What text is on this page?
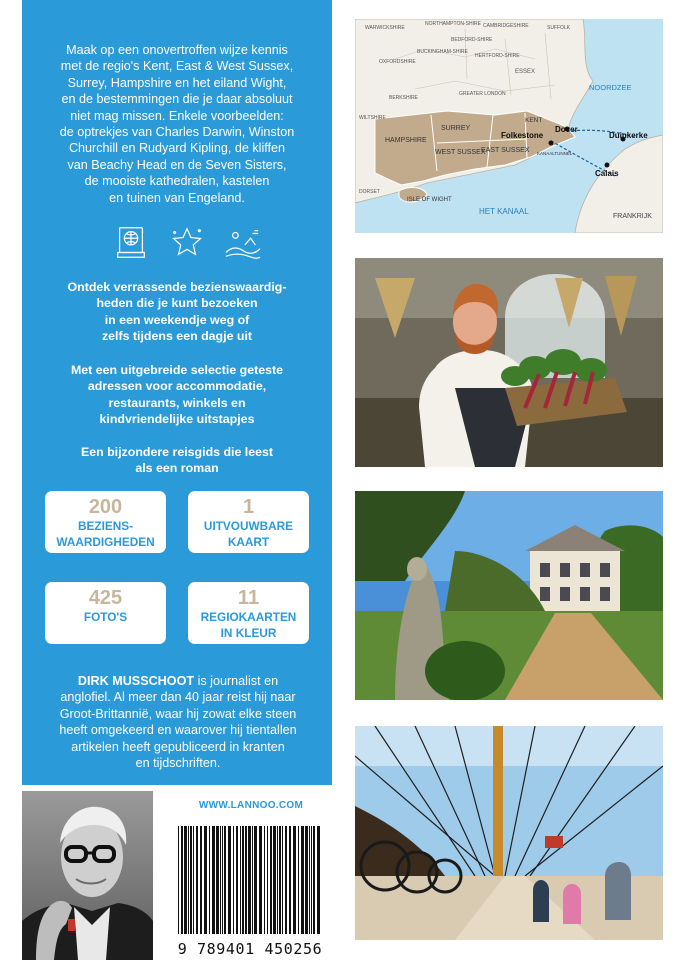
Maak op een onovertroffen wijze kennis
met de regio's Kent, East & West Sussex,
Surrey, Hampshire en het eiland Wight,
en de bestemmingen die je daar absoluut
niet mag missen. Enkele voorbeelden:
de optrekjes van Charles Darwin, Winston
Churchill en Rudyard Kipling, de kliffen
van Beachy Head en de Seven Sisters,
de mooiste kathedralen, kastelen
en tuinen van Engeland.
Ontdek verrassende bezienswaardig-
heden die je kunt bezoeken
in een weekendje weg of
zelfs tijdens een dagje uit
Met een uitgebreide selectie geteste
adressen voor accommodatie,
restaurants, winkels en
kindvriendelijke uitstapjes
Een bijzondere reisgids die leest
als een roman
200
BEZIENS-
WAARDIGHEDEN
1
UITVOUWBARE
KAART
425
FOTO'S
11
REGIOKAARTEN
IN KLEUR
DIRK MUSSCHOOT is journalist en
anglofiel. Al meer dan 40 jaar reist hij naar
Groot-Brittannië, waar hij zowat elke steen
heeft omgekeerd en waarover hij tientallen
artikelen heeft gepubliceerd in kranten
en tijdschriften.
WWW.LANNOO.COM
9 789401 450256
WARWICKSHIRE
NORTHAMPTON-SHIRE CAMBRIDGESHIRE	SUFFOLK
BEDFORD-SHIRE
BUCKINGHAM-SHIRE
HERTFORD-SHIRE
ESSEX
OXFORDSHIRE
GREATER LONDON
BERKSHIRE
WILTSHIRE	KENT
SURREY
HAMPSHIRE
WEST SUSSEX
EAST SUSSEX
ISLE OF WIGHT
DORSET
Dover
Folkestone	Duinkerke
Calais
KANAALTUNNEL
NOORDZEE
HET KANAAL
FRANKRIJK
